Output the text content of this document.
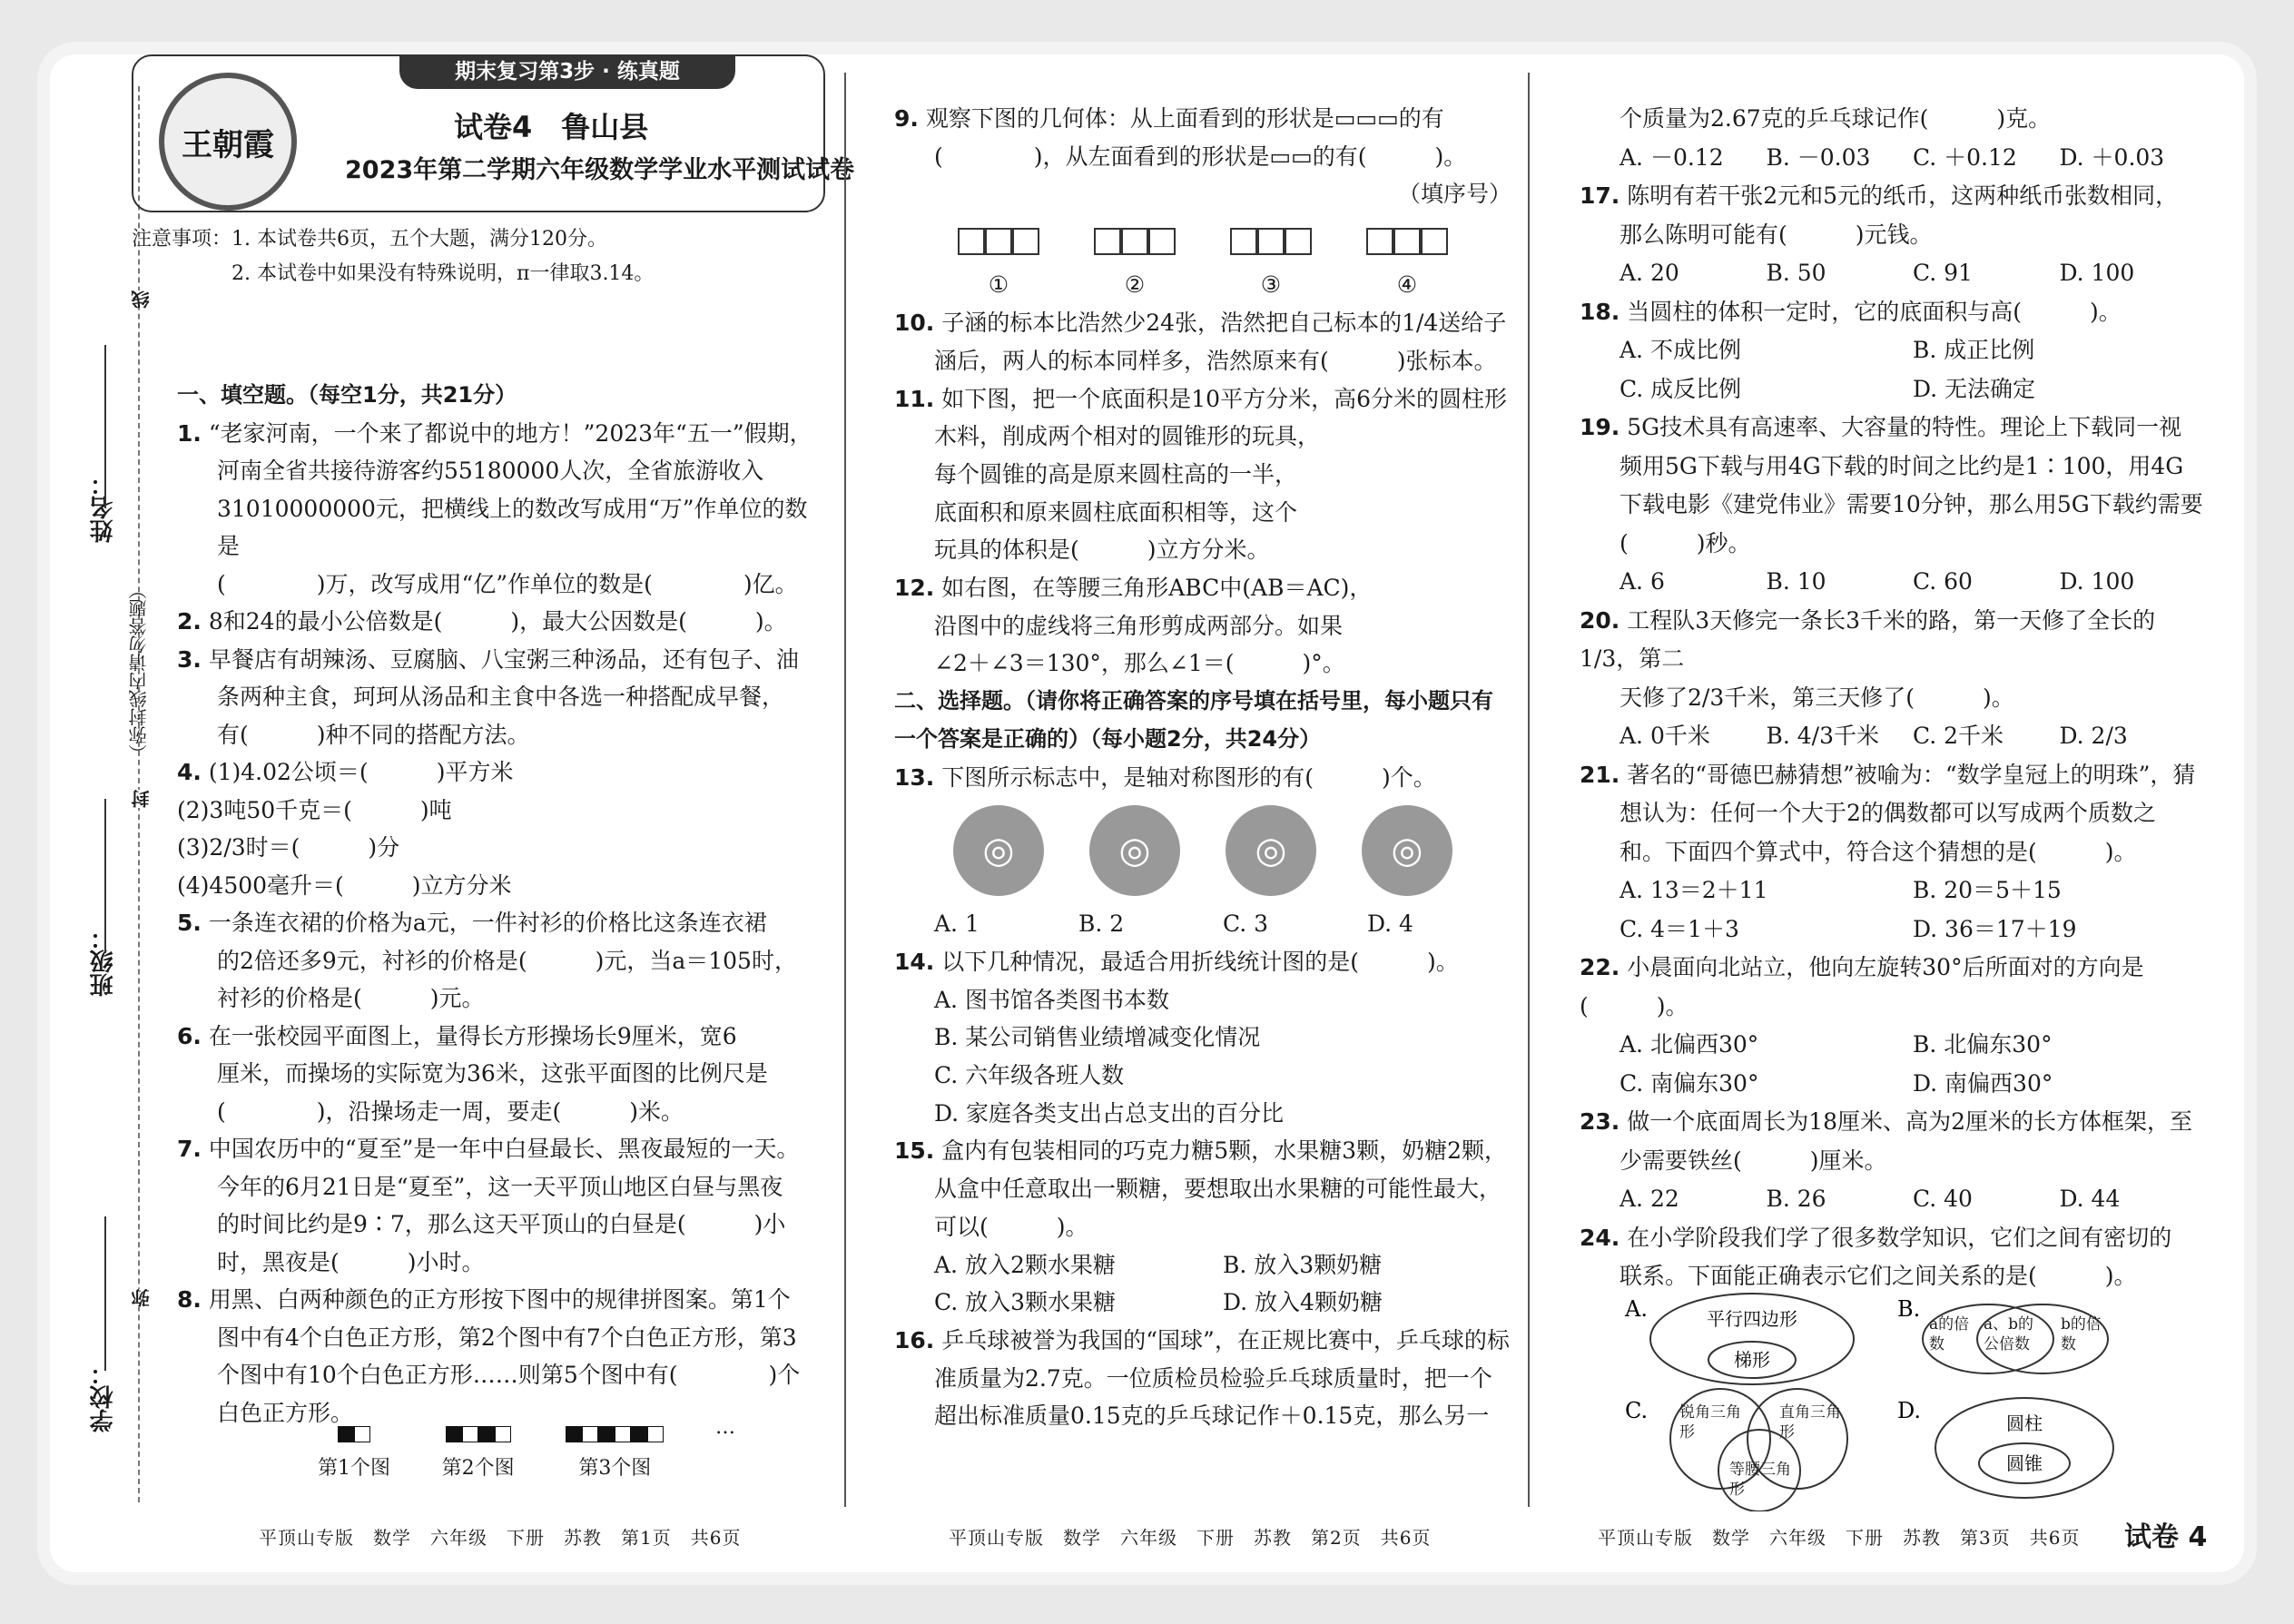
姓名：
班级：
学校：
（弥封线内请勿答题）
线
封
弥
王朝霞
期末复习第3步 · 练真题
试卷4　鲁山县
2023年第二学期六年级数学学业水平测试试卷
注意事项：1. 本试卷共6页，五个大题，满分120分。
2. 本试卷中如果没有特殊说明，π一律取3.14。
一、填空题。（每空1分，共21分）
1. “老家河南，一个来了都说中的地方！”2023年“五一”假期，
河南全省共接待游客约55180000人次，全省旅游收入
31010000000元，把横线上的数改写成用“万”作单位的数是
(　　　　)万，改写成用“亿”作单位的数是(　　　　)亿。
2. 8和24的最小公倍数是(　　　)，最大公因数是(　　　)。
3. 早餐店有胡辣汤、豆腐脑、八宝粥三种汤品，还有包子、油
条两种主食，珂珂从汤品和主食中各选一种搭配成早餐，
有(　　　)种不同的搭配方法。
4. (1)4.02公顷＝(　　　)平方米
(2)3吨50千克＝(　　　)吨
(3)2/3时＝(　　　)分
(4)4500毫升＝(　　　)立方分米
5. 一条连衣裙的价格为a元，一件衬衫的价格比这条连衣裙
的2倍还多9元，衬衫的价格是(　　　)元，当a＝105时，
衬衫的价格是(　　　)元。
6. 在一张校园平面图上，量得长方形操场长9厘米，宽6
厘米，而操场的实际宽为36米，这张平面图的比例尺是
(　　　　)，沿操场走一周，要走(　　　)米。
7. 中国农历中的“夏至”是一年中白昼最长、黑夜最短的一天。
今年的6月21日是“夏至”，这一天平顶山地区白昼与黑夜
的时间比约是9∶7，那么这天平顶山的白昼是(　　　)小
时，黑夜是(　　　)小时。
8. 用黑、白两种颜色的正方形按下图中的规律拼图案。第1个
图中有4个白色正方形，第2个图中有7个白色正方形，第3
个图中有10个白色正方形……则第5个图中有(　　　　)个
白色正方形。
第1个图	第2个图	第3个图
…
9. 观察下图的几何体：从上面看到的形状是▭▭▭的有
(　　　　)，从左面看到的形状是▭▭的有(　　　)。
（填序号）
①	②	③	④
10. 子涵的标本比浩然少24张，浩然把自己标本的1/4送给子
涵后，两人的标本同样多，浩然原来有(　　　)张标本。
11. 如下图，把一个底面积是10平方分米，高6分米的圆柱形
木料，削成两个相对的圆锥形的玩具，
每个圆锥的高是原来圆柱高的一半，
底面积和原来圆柱底面积相等，这个
玩具的体积是(　　　)立方分米。
12. 如右图，在等腰三角形ABC中(AB＝AC)，
沿图中的虚线将三角形剪成两部分。如果
∠2＋∠3＝130°，那么∠1＝(　　　)°。
二、选择题。（请你将正确答案的序号填在括号里，每小题只有
一个答案是正确的）（每小题2分，共24分）
13. 下图所示标志中，是轴对称图形的有(　　　)个。
◎	◎	◎	◎
A. 1	B. 2	C. 3	D. 4
14. 以下几种情况，最适合用折线统计图的是(　　　)。
A. 图书馆各类图书本数
B. 某公司销售业绩增减变化情况
C. 六年级各班人数
D. 家庭各类支出占总支出的百分比
15. 盒内有包装相同的巧克力糖5颗，水果糖3颗，奶糖2颗，
从盒中任意取出一颗糖，要想取出水果糖的可能性最大，
可以(　　　)。
A. 放入2颗水果糖	B. 放入3颗奶糖
C. 放入3颗水果糖	D. 放入4颗奶糖
16. 乒乓球被誉为我国的“国球”，在正规比赛中，乒乓球的标
准质量为2.7克。一位质检员检验乒乓球质量时，把一个
超出标准质量0.15克的乒乓球记作＋0.15克，那么另一
个质量为2.67克的乒乓球记作(　　　)克。
A. －0.12	B. －0.03	C. ＋0.12	D. ＋0.03
17. 陈明有若干张2元和5元的纸币，这两种纸币张数相同，
那么陈明可能有(　　　)元钱。
A. 20	B. 50	C. 91	D. 100
18. 当圆柱的体积一定时，它的底面积与高(　　　)。
A. 不成比例	B. 成正比例
C. 成反比例	D. 无法确定
19. 5G技术具有高速率、大容量的特性。理论上下载同一视
频用5G下载与用4G下载的时间之比约是1∶100，用4G
下载电影《建党伟业》需要10分钟，那么用5G下载约需要
(　　　)秒。
A. 6	B. 10	C. 60	D. 100
20. 工程队3天修完一条长3千米的路，第一天修了全长的1/3，第二
天修了2/3千米，第三天修了(　　　)。
A. 0千米	B. 4/3千米	C. 2千米	D. 2/3
21. 著名的“哥德巴赫猜想”被喻为：“数学皇冠上的明珠”，猜
想认为：任何一个大于2的偶数都可以写成两个质数之
和。下面四个算式中，符合这个猜想的是(　　　)。
A. 13＝2＋11	B. 20＝5＋15
C. 4＝1＋3	D. 36＝17＋19
22. 小晨面向北站立，他向左旋转30°后所面对的方向是(　　　)。
A. 北偏西30°	B. 北偏东30°
C. 南偏东30°	D. 南偏西30°
23. 做一个底面周长为18厘米、高为2厘米的长方体框架，至
少需要铁丝(　　　)厘米。
A. 22	B. 26	C. 40	D. 44
24. 在小学阶段我们学了很多数学知识，它们之间有密切的
联系。下面能正确表示它们之间关系的是(　　　)。
A.	平行四边形
梯形
B.
a的倍数
a、b的公倍数
b的倍数
C. 锐角三角形
直角三角形
等腰三角形
D.	圆柱
圆锥
平顶山专版　数学　六年级　下册　苏教　第1页　共6页	平顶山专版　数学　六年级　下册　苏教　第2页　共6页	平顶山专版　数学　六年级　下册　苏教　第3页　共6页 试卷 4
